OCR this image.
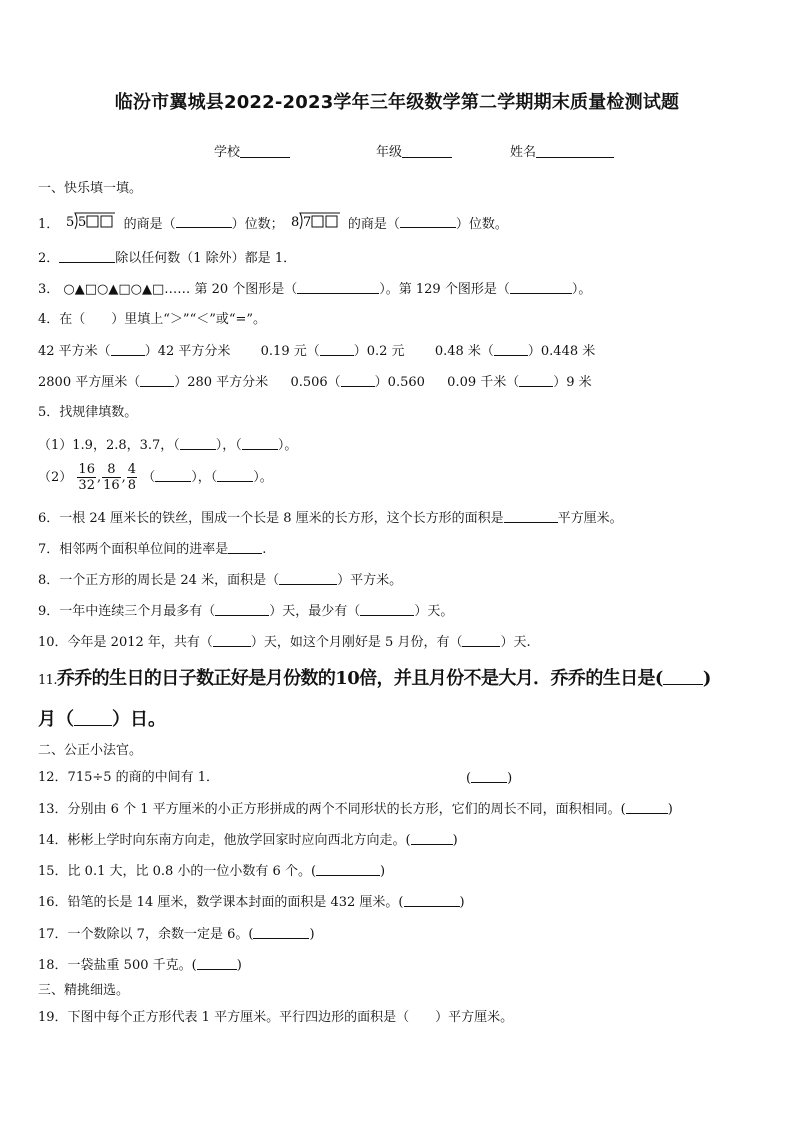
临汾市翼城县2022-2023学年三年级数学第二学期期末质量检测试题
学校	年级	姓名
一、快乐填一填。
1． 5 5	的商是（	）位数； 8 7	的商是（	）位数。
2．	除以任何数（1 除外）都是 1．
3． ○▲□○▲□○▲□…… 第 20 个图形是（	）。第 129 个图形是（	）。
4．在（　　）里填上“＞”“＜”或“=”。
42 平方米（	）42 平方分米 0.19 元（	）0.2 元 0.48 米（	）0.448 米
2800 平方厘米（	）280 平方分米 0.506（	）0.560 0.09 千米（	）9 米
5．找规律填数。
（1）1.9，2.8，3.7，（	），（	）。
$(2) \frac{16}{32}$ , $\frac{8}{16}$ , $\frac{4}{8}$ （	），（	）。
6．一根 24 厘米长的铁丝，围成一个长是 8 厘米的长方形，这个长方形的面积是	平方厘米。
7．相邻两个面积单位间的进率是	.
8．一个正方形的周长是 24 米，面积是（	）平方米。
9．一年中连续三个月最多有（	）天，最少有（	）天。
10．今年是 2012 年，共有（	）天，如这个月刚好是 5 月份，有（	）天.
11.乔乔的生日的日子数正好是月份数的10倍，并且月份不是大月．乔乔的生日是( )
月（ ）日。
二、公正小法官。
12．715÷5 的商的中间有 1．	(	)
13．分别由 6 个 1 平方厘米的小正方形拼成的两个不同形状的长方形，它们的周长不同，面积相同。(	)
14．彬彬上学时向东南方向走，他放学回家时应向西北方向走。(	)
15．比 0.1 大，比 0.8 小的一位小数有 6 个。(	)
16．铅笔的长是 14 厘米，数学课本封面的面积是 432 厘米。(	)
17．一个数除以 7，余数一定是 6。(	)
18．一袋盐重 500 千克。(	)
三、精挑细选。
19．下图中每个正方形代表 1 平方厘米。平行四边形的面积是（　　）平方厘米。
